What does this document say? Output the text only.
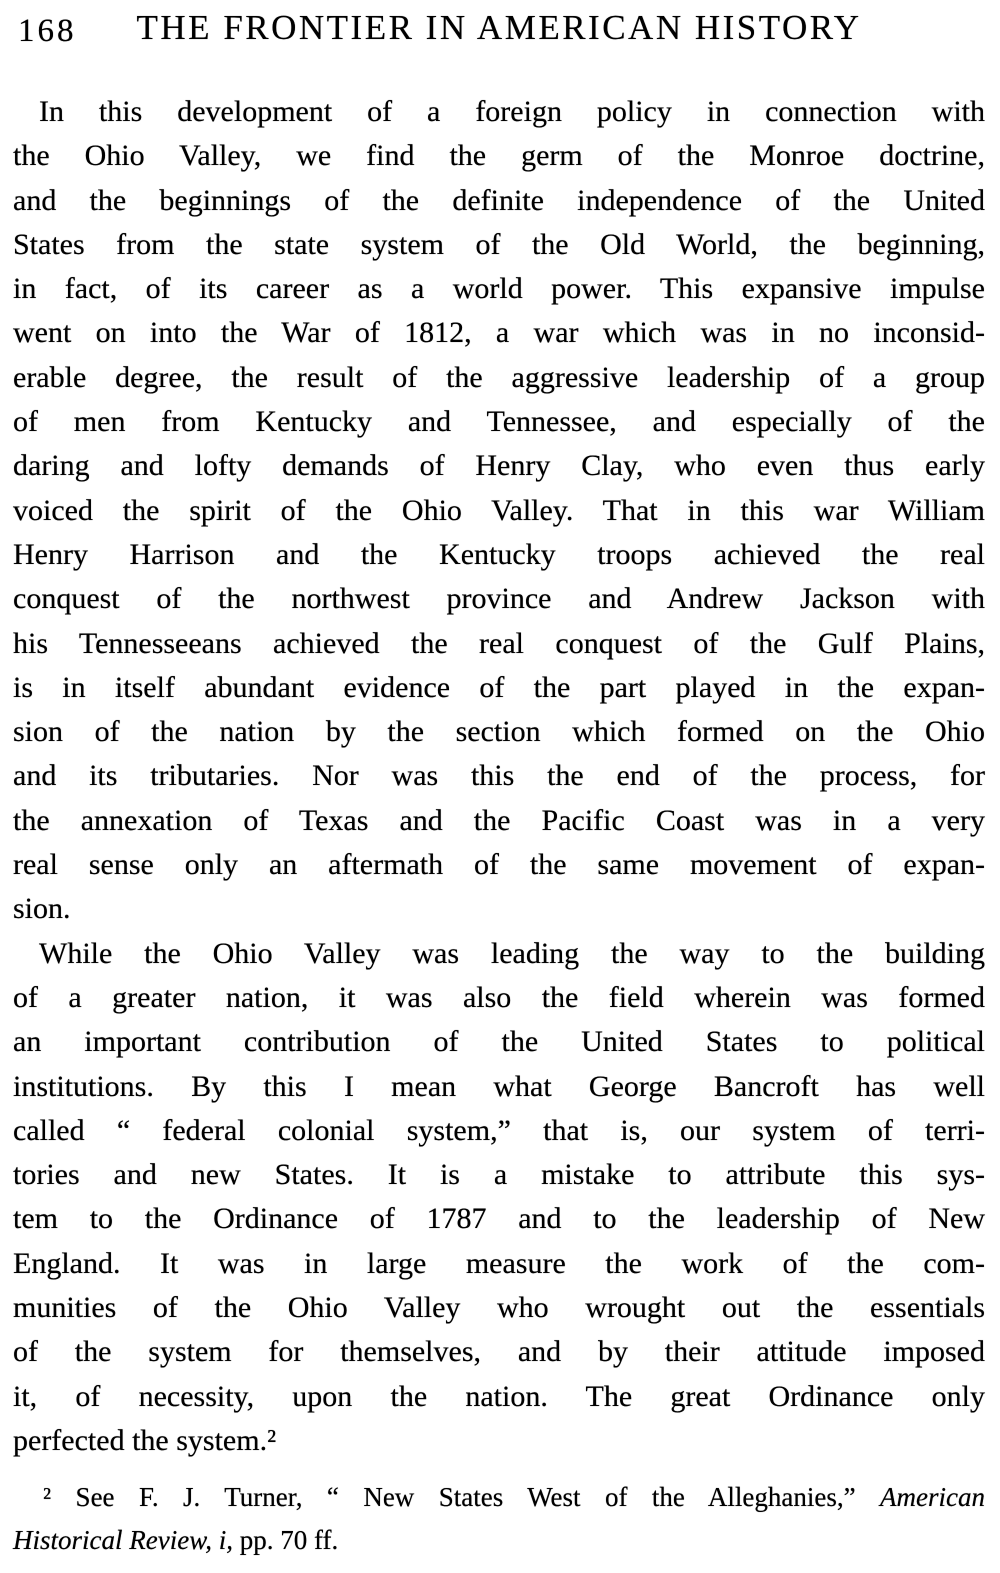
168	THE FRONTIER IN AMERICAN HISTORY
In this development of a foreign policy in connection with
the Ohio Valley, we find the germ of the Monroe doctrine,
and the beginnings of the definite independence of the United
States from the state system of the Old World, the beginning,
in fact, of its career as a world power. This expansive impulse
went on into the War of 1812, a war which was in no inconsid-
erable degree, the result of the aggressive leadership of a group
of men from Kentucky and Tennessee, and especially of the
daring and lofty demands of Henry Clay, who even thus early
voiced the spirit of the Ohio Valley. That in this war William
Henry Harrison and the Kentucky troops achieved the real
conquest of the northwest province and Andrew Jackson with
his Tennesseeans achieved the real conquest of the Gulf Plains,
is in itself abundant evidence of the part played in the expan-
sion of the nation by the section which formed on the Ohio
and its tributaries. Nor was this the end of the process, for
the annexation of Texas and the Pacific Coast was in a very
real sense only an aftermath of the same movement of expan-
sion.
While the Ohio Valley was leading the way to the building
of a greater nation, it was also the field wherein was formed
an important contribution of the United States to political
institutions. By this I mean what George Bancroft has well
called “ federal colonial system,” that is, our system of terri-
tories and new States. It is a mistake to attribute this sys-
tem to the Ordinance of 1787 and to the leadership of New
England. It was in large measure the work of the com-
munities of the Ohio Valley who wrought out the essentials
of the system for themselves, and by their attitude imposed
it, of necessity, upon the nation. The great Ordinance only
perfected the system.²
² See F. J. Turner, “ New States West of the Alleghanies,” American
Historical Review, i, pp. 70 ff.
